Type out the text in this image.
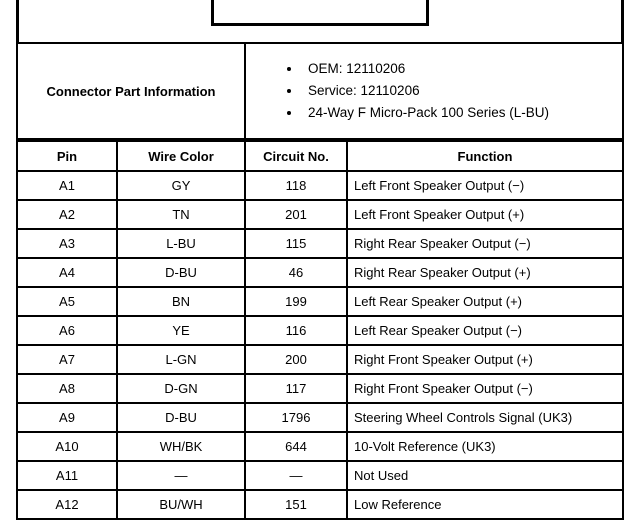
Connector Part Information	
• OEM: 12110206
• Service: 12110206
• 24-Way F Micro-Pack 100 Series (L-BU)
Pin	Wire Color	Circuit No.	Function
A1	GY	118	Left Front Speaker Output (−)
A2	TN	201	Left Front Speaker Output (+)
A3	L-BU	115	Right Rear Speaker Output (−)
A4	D-BU	46	Right Rear Speaker Output (+)
A5	BN	199	Left Rear Speaker Output (+)
A6	YE	116	Left Rear Speaker Output (−)
A7	L-GN	200	Right Front Speaker Output (+)
A8	D-GN	117	Right Front Speaker Output (−)
A9	D-BU	1796	Steering Wheel Controls Signal (UK3)
A10	WH/BK	644	10-Volt Reference (UK3)
A11	—	—	Not Used
A12	BU/WH	151	Low Reference
